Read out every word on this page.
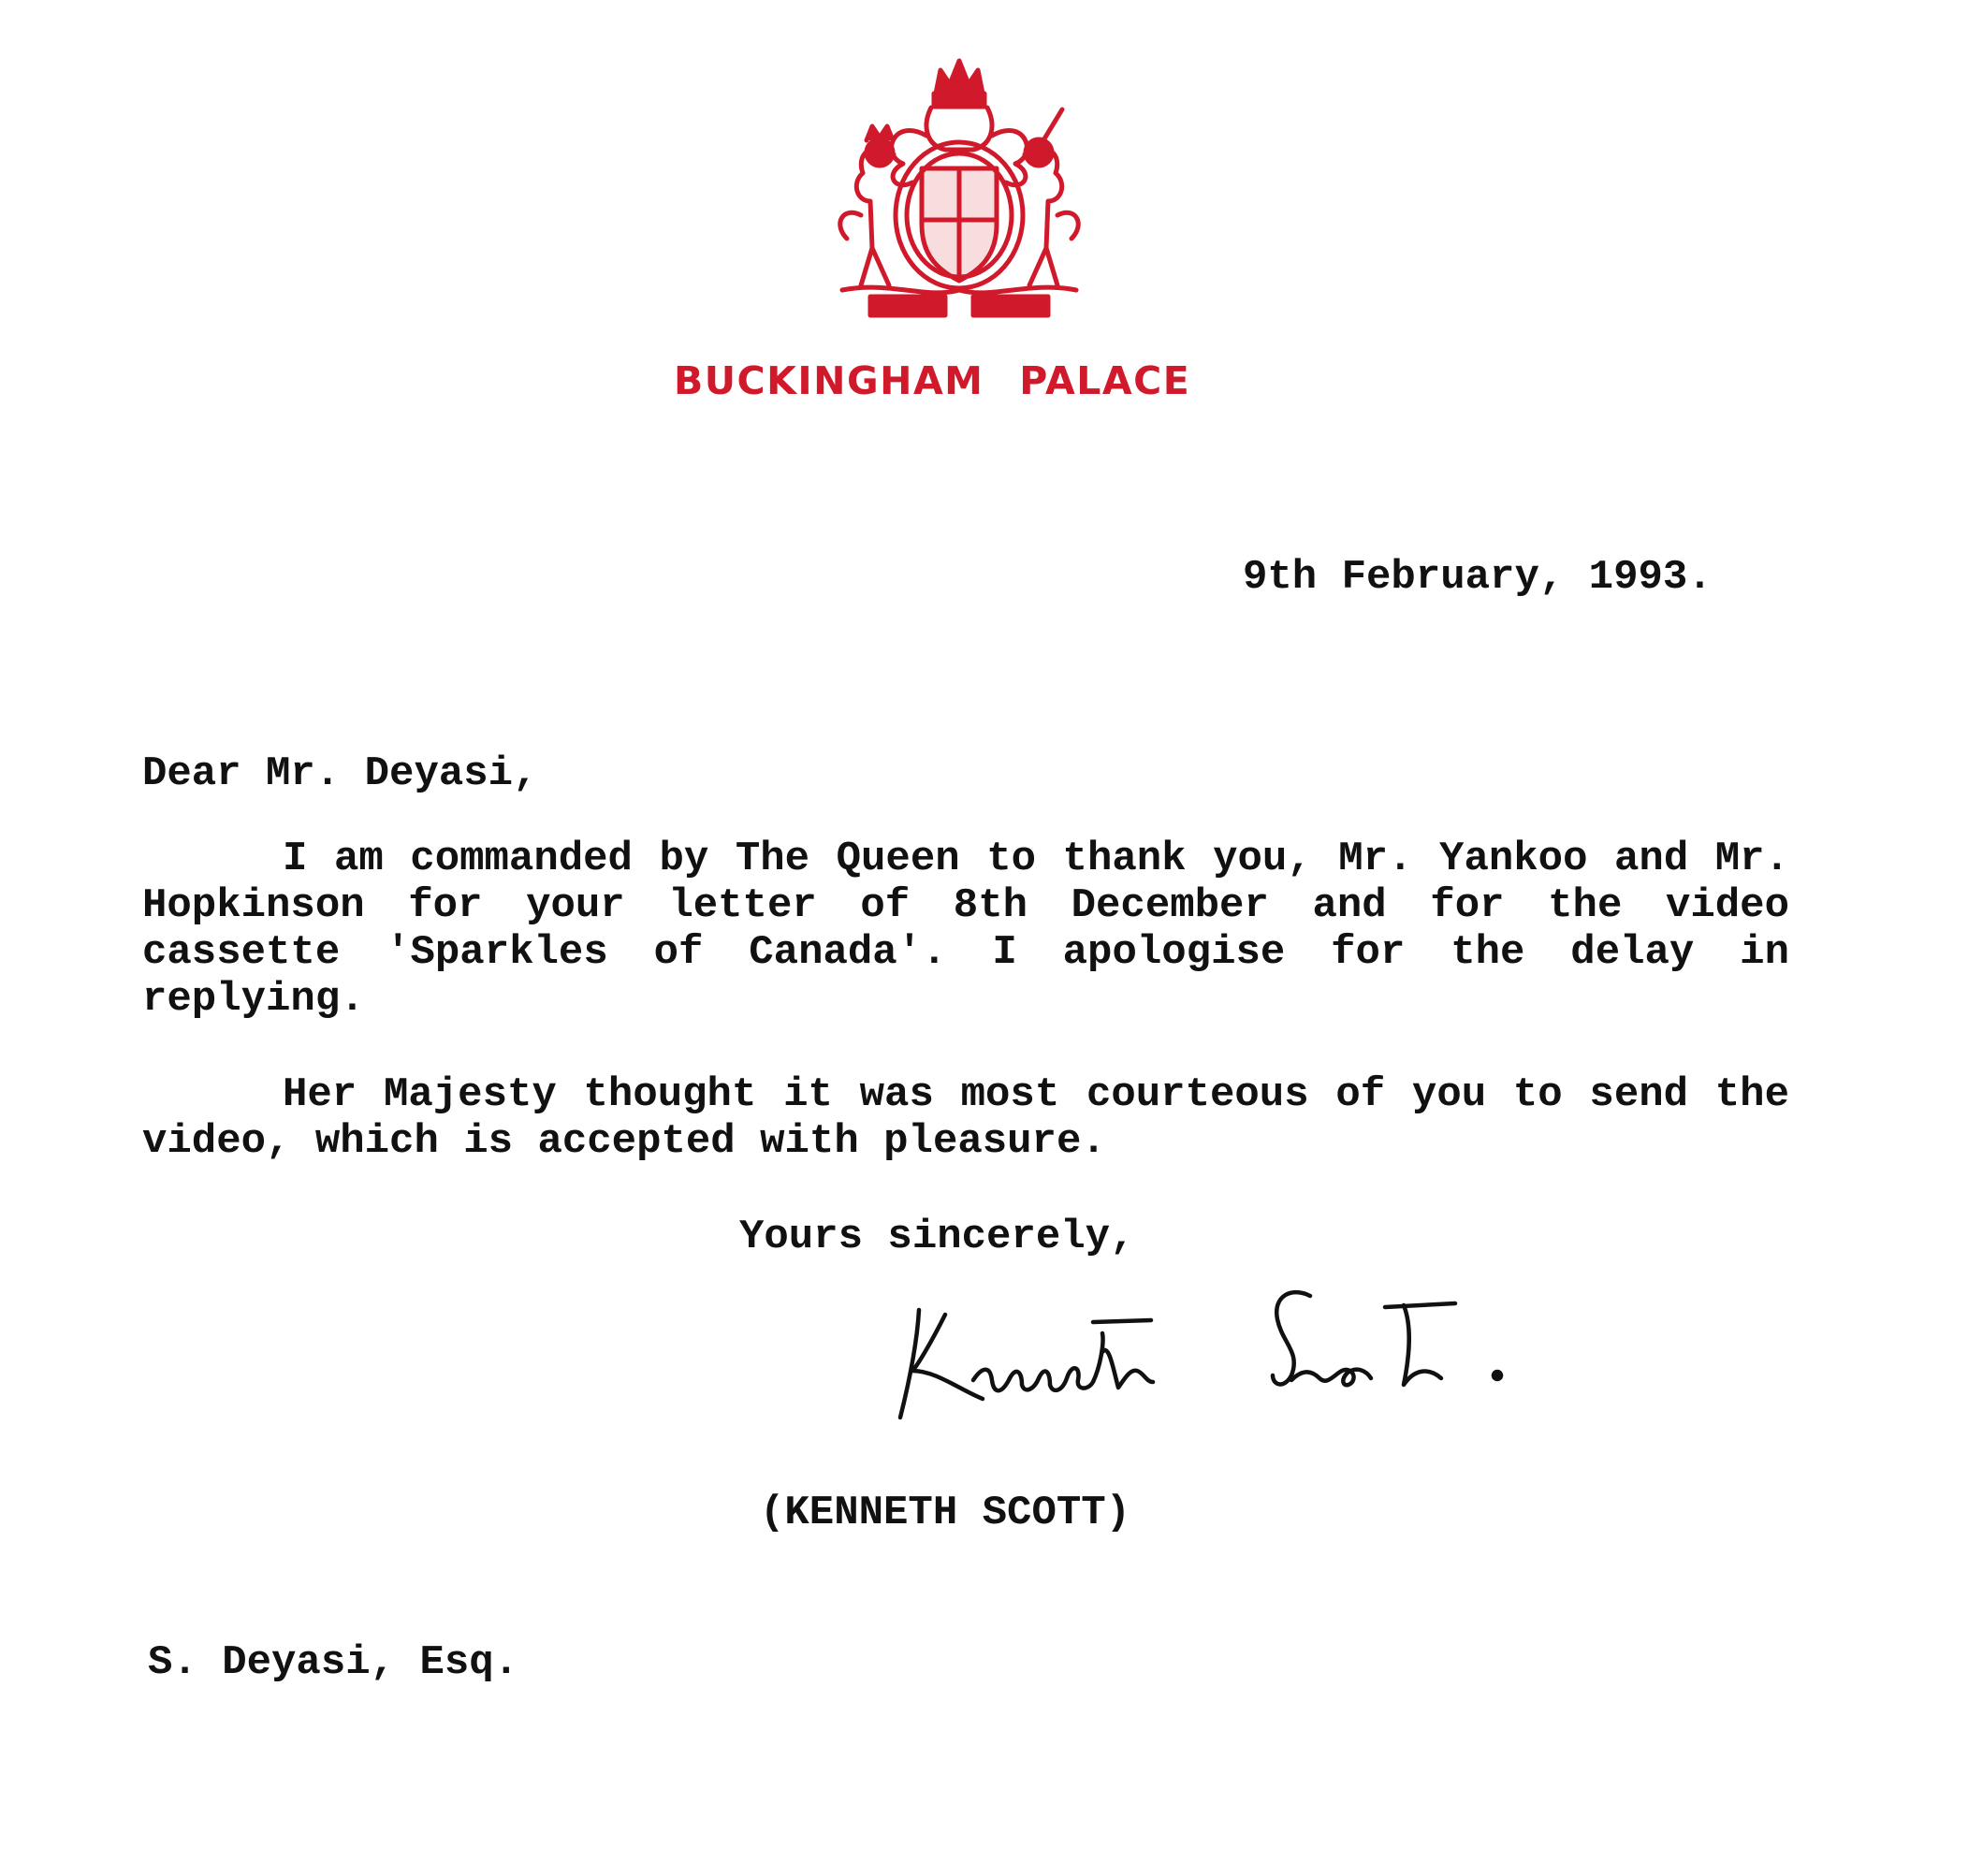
BUCKINGHAM PALACE
9th February, 1993.
Dear Mr. Deyasi,
I am commanded by The Queen to thank you, Mr. Yankoo and Mr. Hopkinson for your letter of 8th December and for the video cassette 'Sparkles of Canada'. I apologise for the delay in replying.
Her Majesty thought it was most courteous of you to send the video, which is accepted with pleasure.
Yours sincerely,
(KENNETH SCOTT)
S. Deyasi, Esq.
